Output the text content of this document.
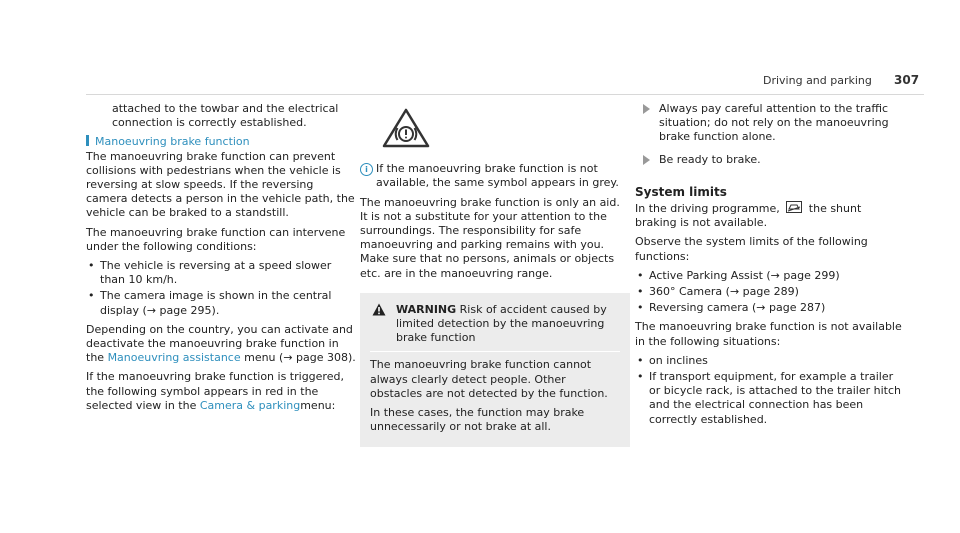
Driving and parking 307

attached to the towbar and the electrical connection is correctly established.

Manoeuvring brake function

The manoeuvring brake function can prevent collisions with pedestrians when the vehicle is reversing at slow speeds. If the reversing camera detects a person in the vehicle path, the vehicle can be braked to a standstill.

The manoeuvring brake function can intervene under the following conditions:

• The vehicle is reversing at a speed slower than 10 km/h.
• The camera image is shown in the central display (→ page 295).

Depending on the country, you can activate and deactivate the manoeuvring brake function in the Manoeuvring assistance menu (→ page 308).

If the manoeuvring brake function is triggered, the following symbol appears in red in the selected view in the Camera & parkingmenu:

i If the manoeuvring brake function is not available, the same symbol appears in grey.

The manoeuvring brake function is only an aid. It is not a substitute for your attention to the surroundings. The responsibility for safe manoeuvring and parking remains with you. Make sure that no persons, animals or objects etc. are in the manoeuvring range.

WARNING Risk of accident caused by limited detection by the manoeuvring brake function

The manoeuvring brake function cannot always clearly detect people. Other obstacles are not detected by the function.

In these cases, the function may brake unnecessarily or not brake at all.

Always pay careful attention to the traffic situation; do not rely on the manoeuvring brake function alone.
Be ready to brake.
System limits

In the driving programme,
the shunt braking is not available.

Observe the system limits of the following functions:

• Active Parking Assist (→ page 299)
• 360° Camera (→ page 289)
• Reversing camera (→ page 287)

The manoeuvring brake function is not available in the following situations:

• on inclines
• If transport equipment, for example a trailer or bicycle rack, is attached to the trailer hitch and the electrical connection has been correctly established.
